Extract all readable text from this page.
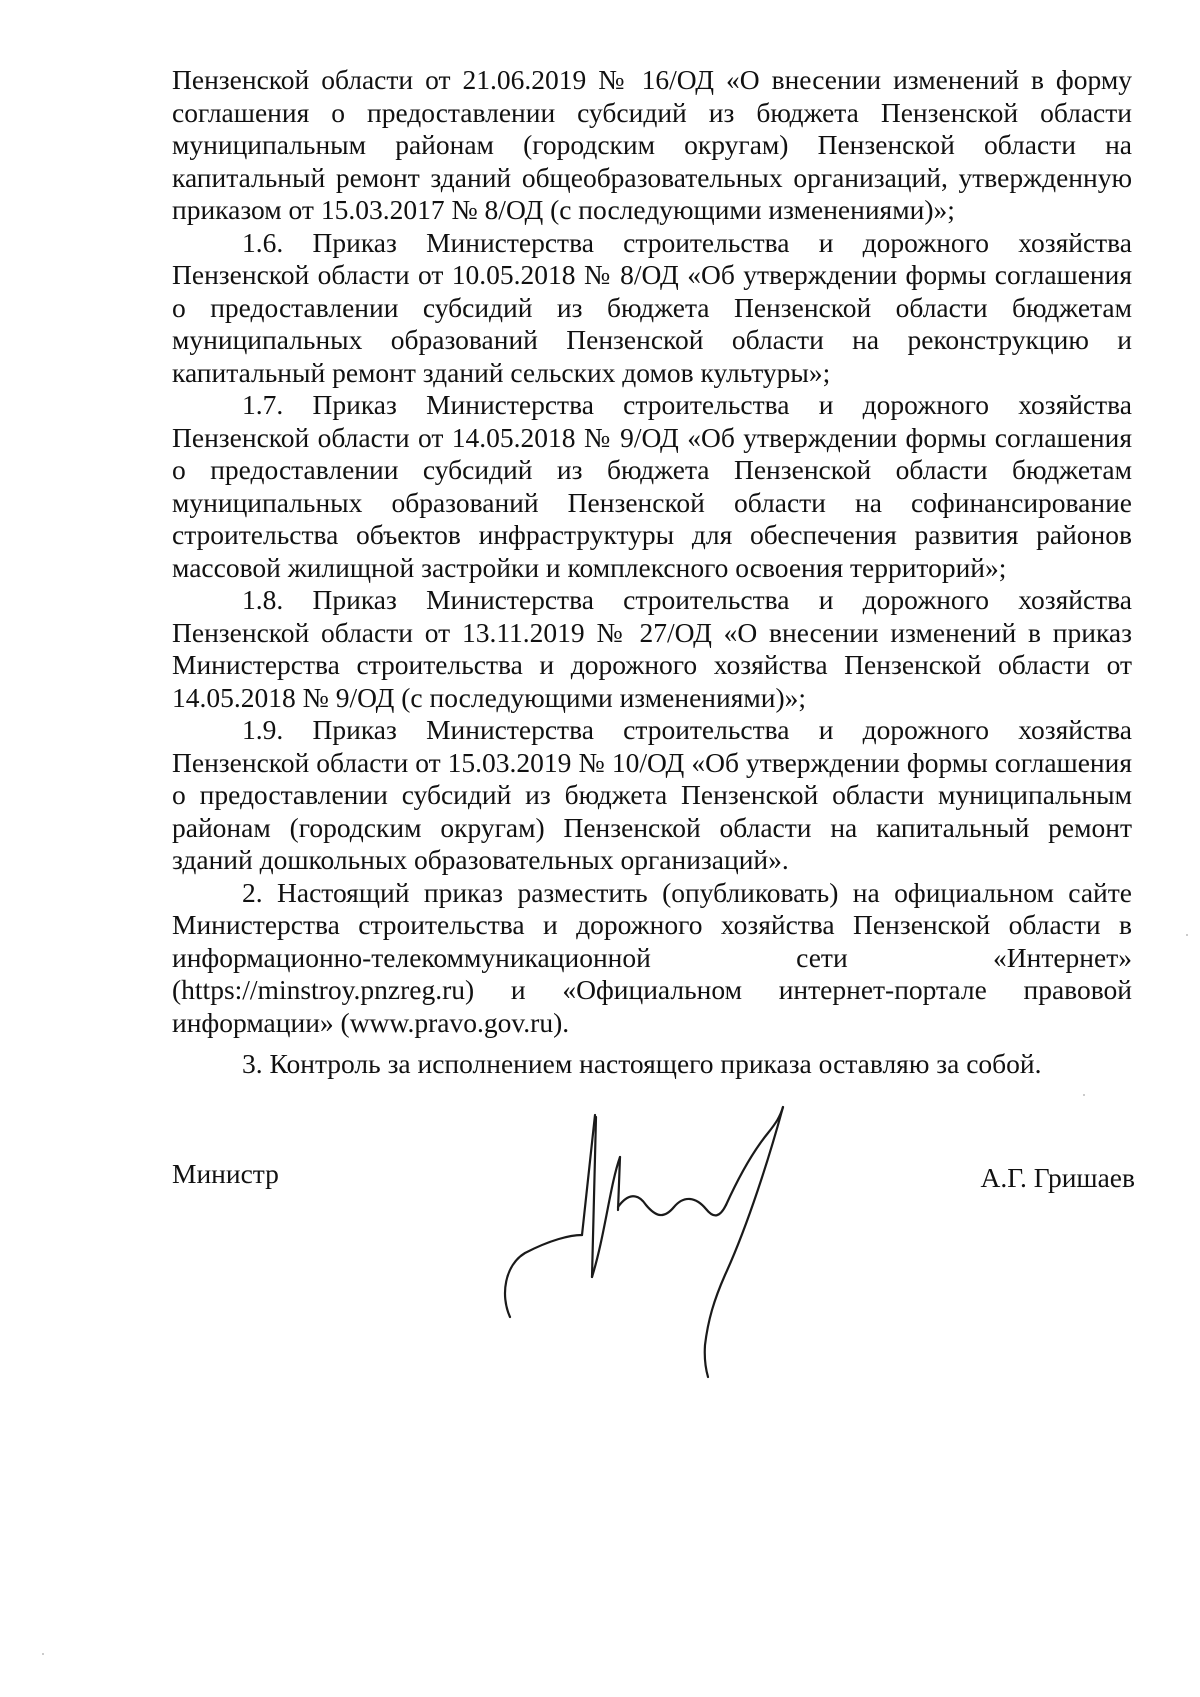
Пензенской области от 21.06.2019 № 16/ОД «О внесении изменений в форму соглашения о предоставлении субсидий из бюджета Пензенской области муниципальным районам (городским округам) Пензенской области на капитальный ремонт зданий общеобразовательных организаций, утвержденную приказом от 15.03.2017 № 8/ОД (с последующими изменениями)»;

1.6. Приказ Министерства строительства и дорожного хозяйства Пензенской области от 10.05.2018 № 8/ОД «Об утверждении формы соглашения о предоставлении субсидий из бюджета Пензенской области бюджетам муниципальных образований Пензенской области на реконструкцию и капитальный ремонт зданий сельских домов культуры»;

1.7. Приказ Министерства строительства и дорожного хозяйства Пензенской области от 14.05.2018 № 9/ОД «Об утверждении формы соглашения о предоставлении субсидий из бюджета Пензенской области бюджетам муниципальных образований Пензенской области на софинансирование строительства объектов инфраструктуры для обеспечения развития районов массовой жилищной застройки и комплексного освоения территорий»;

1.8. Приказ Министерства строительства и дорожного хозяйства Пензенской области от 13.11.2019 № 27/ОД «О внесении изменений в приказ Министерства строительства и дорожного хозяйства Пензенской области от 14.05.2018 № 9/ОД (с последующими изменениями)»;

1.9. Приказ Министерства строительства и дорожного хозяйства Пензенской области от 15.03.2019 № 10/ОД «Об утверждении формы соглашения о предоставлении субсидий из бюджета Пензенской области муниципальным районам (городским округам) Пензенской области на капитальный ремонт зданий дошкольных образовательных организаций».

2. Настоящий приказ разместить (опубликовать) на официальном сайте Министерства строительства и дорожного хозяйства Пензенской области в информационно-телекоммуникационной сети «Интернет» (https://minstroy.pnzreg.ru) и «Официальном интернет-портале правовой

информации» (www.pravo.gov.ru).

3. Контроль за исполнением настоящего приказа оставляю за собой.

Министр	А.Г. Гришаев
